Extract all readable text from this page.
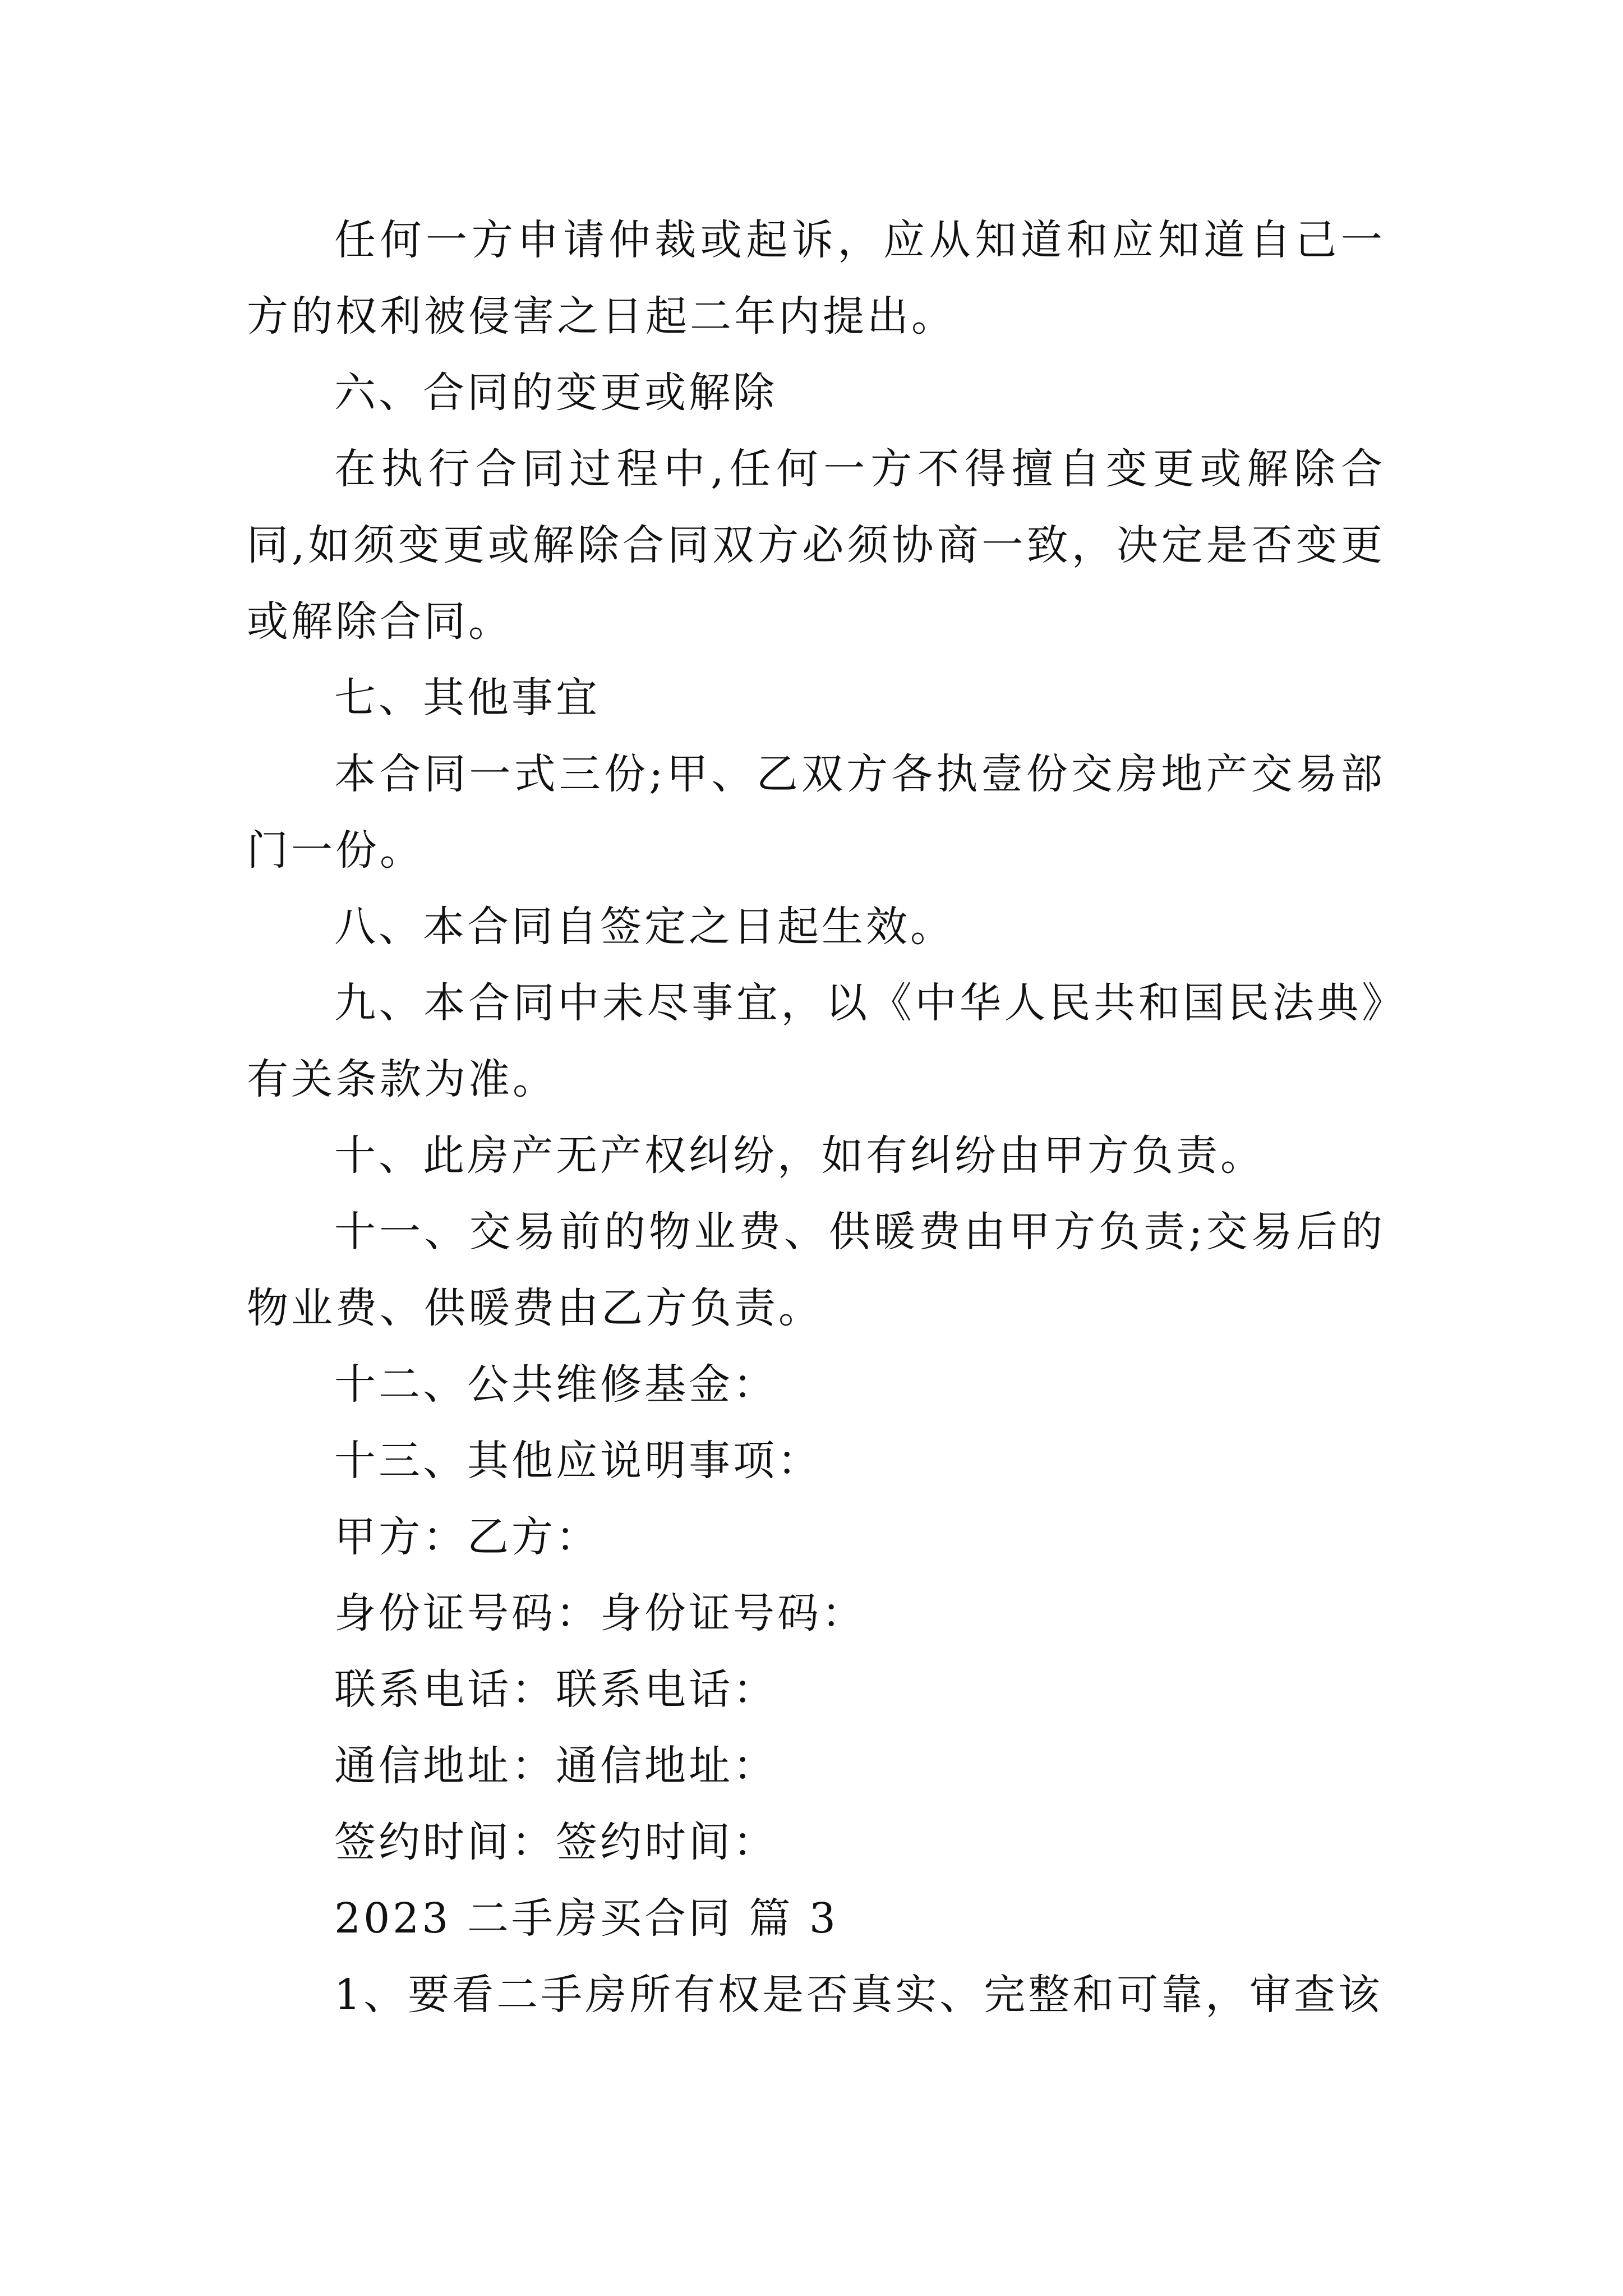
任何一方申请仲裁或起诉，应从知道和应知道自己一方的权利被侵害之日起二年内提出。

六、合同的变更或解除

在执行合同过程中,任何一方不得擅自变更或解除合同,如须变更或解除合同双方必须协商一致，决定是否变更或解除合同。

七、其他事宜

本合同一式三份;甲、乙双方各执壹份交房地产交易部门一份。

八、本合同自签定之日起生效。

九、本合同中未尽事宜，以《中华人民共和国民法典》有关条款为准。

十、此房产无产权纠纷，如有纠纷由甲方负责。

十一、交易前的物业费、供暖费由甲方负责;交易后的物业费、供暖费由乙方负责。

十二、公共维修基金：

十三、其他应说明事项：

甲方：乙方：

身份证号码：身份证号码：

联系电话：联系电话：

通信地址：通信地址：

签约时间：签约时间：

2023 二手房买合同 篇 3

1、要看二手房所有权是否真实、完整和可靠，审查该
